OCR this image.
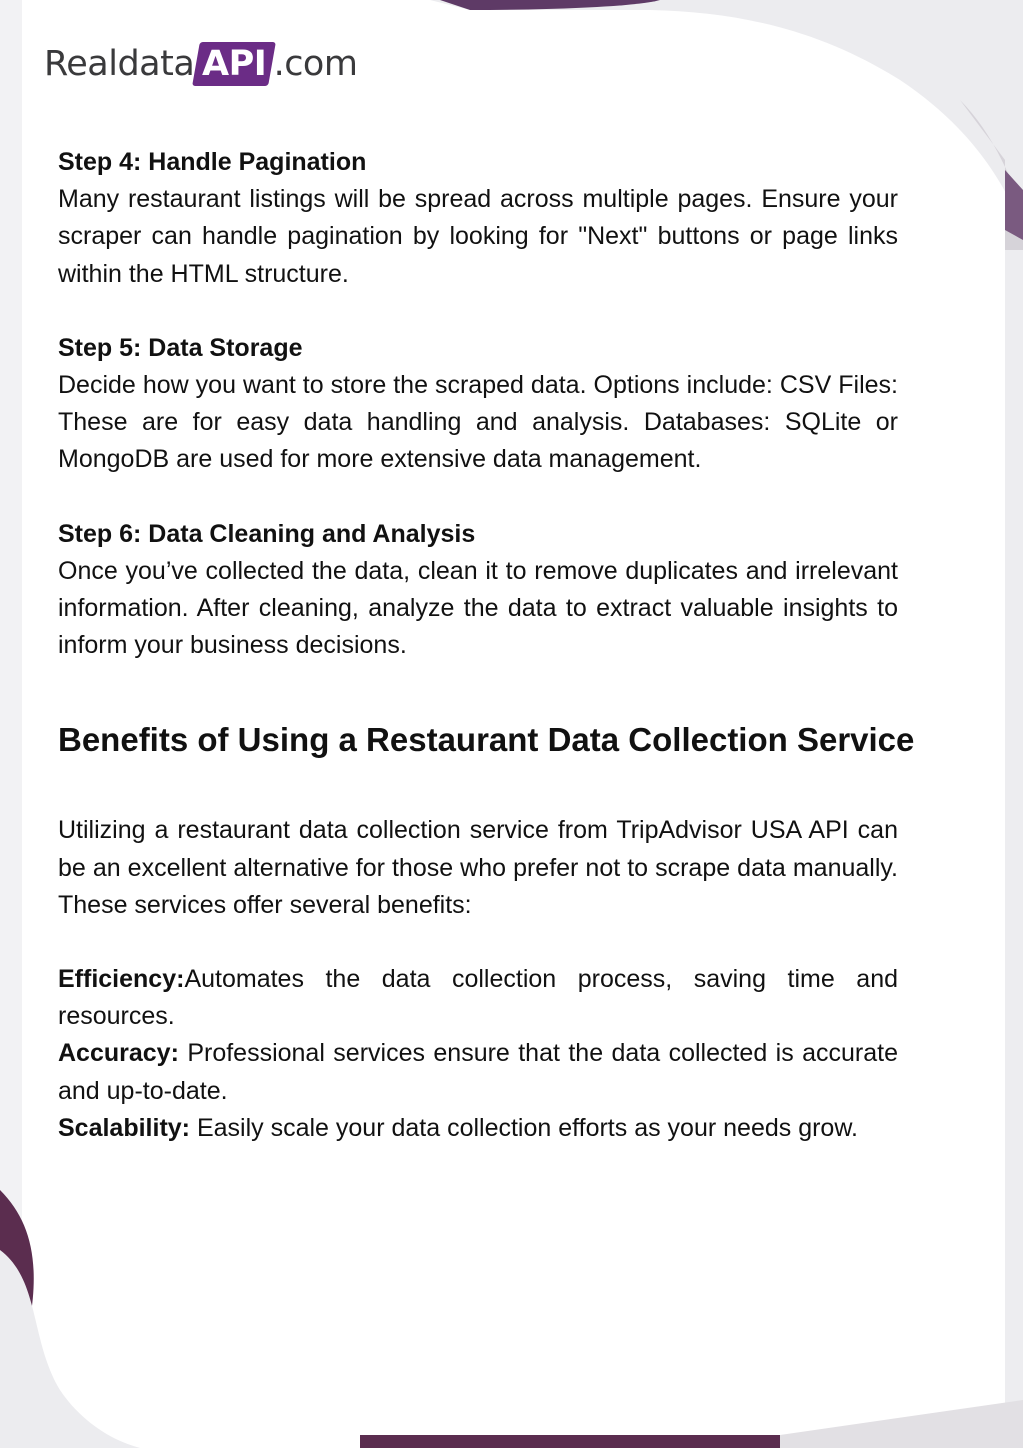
Realdata API .com
Step 4: Handle Pagination

Many restaurant listings will be spread across multiple pages. Ensure your scraper can handle pagination by looking for "Next" buttons or page links within the HTML structure.

Step 5: Data Storage

Decide how you want to store the scraped data. Options include: CSV Files: These are for easy data handling and analysis. Databases: SQLite or MongoDB are used for more extensive data management.

Step 6: Data Cleaning and Analysis

Once you’ve collected the data, clean it to remove duplicates and irrelevant information. After cleaning, analyze the data to extract valuable insights to inform your business decisions.

Benefits of Using a Restaurant Data Collection Service

Utilizing a restaurant data collection service from TripAdvisor USA API can be an excellent alternative for those who prefer not to scrape data manually. These services offer several benefits:

Efficiency:Automates the data collection process, saving time and resources.

Accuracy: Professional services ensure that the data collected is accurate and up-to-date.

Scalability: Easily scale your data collection efforts as your needs grow.
